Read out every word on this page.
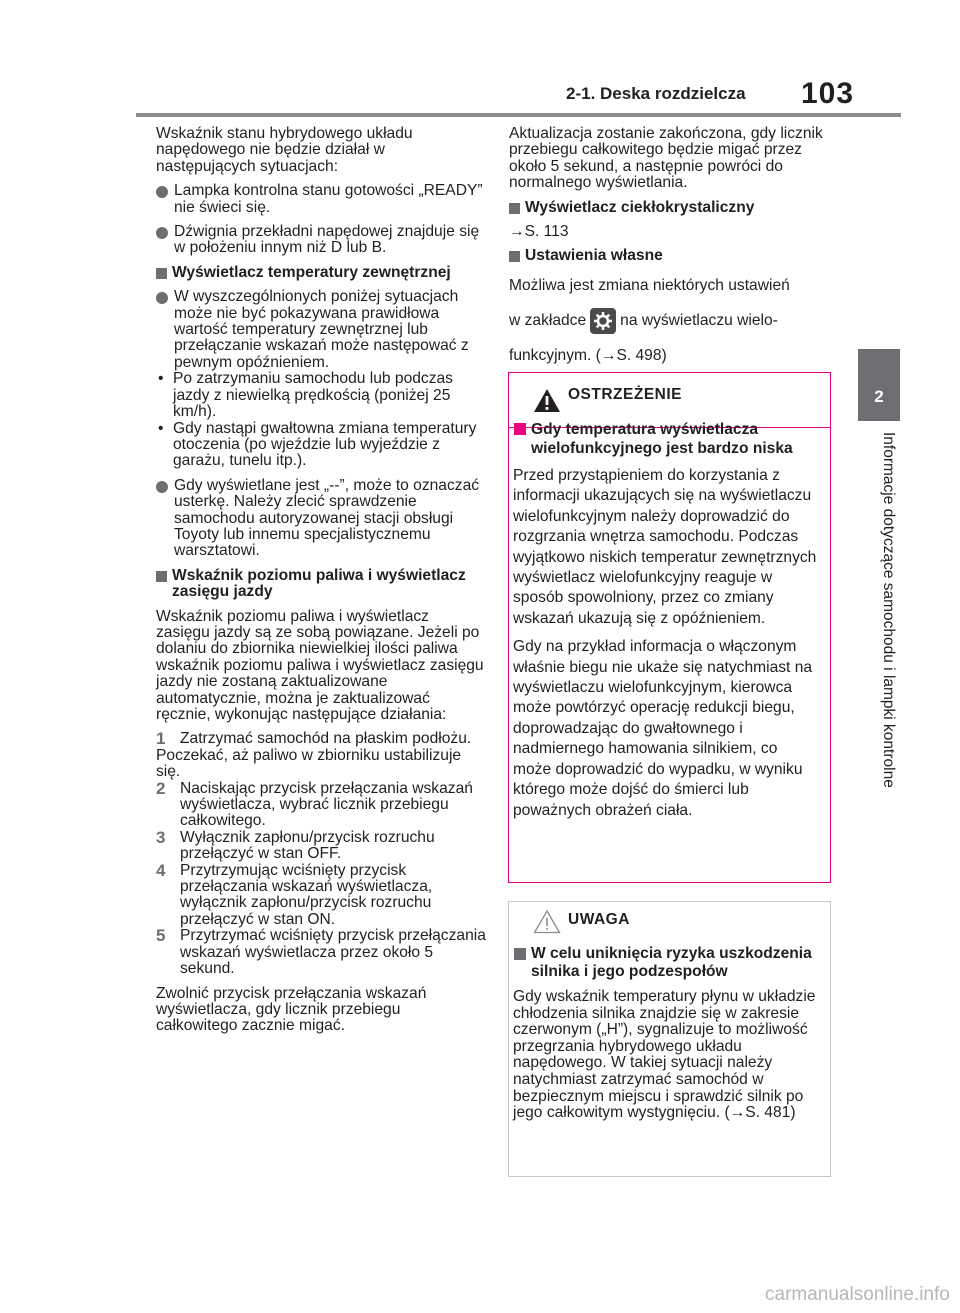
2-1. Deska rozdzielcza 103
2
Informacje dotyczące samochodu i lampki kontrolne

Wskaźnik stanu hybrydowego układu napędowego nie będzie działał w następujących sytuacjach:

Lampka kontrolna stanu gotowości „READY” nie świeci się.
Dźwignia przekładni napędowej znajduje się w położeniu innym niż D lub B.
Wyświetlacz temperatury zewnętrznej
W wyszczególnionych poniżej sytuacjach może nie być pokazywana prawidłowa wartość temperatury zewnętrznej lub przełączanie wskazań może następować z pewnym opóźnieniem.
• Po zatrzymaniu samochodu lub podczas jazdy z niewielką prędkością (poniżej 25 km/h).
• Gdy nastąpi gwałtowna zmiana temperatury otoczenia (po wjeździe lub wyjeździe z garażu, tunelu itp.).
Gdy wyświetlane jest „--”, może to oznaczać usterkę. Należy zlecić sprawdzenie samochodu autoryzowanej stacji obsługi Toyoty lub innemu specjalistycznemu warsztatowi.
Wskaźnik poziomu paliwa i wyświetlacz zasięgu jazdy

Wskaźnik poziomu paliwa i wyświetlacz zasięgu jazdy są ze sobą powiązane. Jeżeli po dolaniu do zbiornika niewielkiej ilości paliwa wskaźnik poziomu paliwa i wyświetlacz zasięgu jazdy nie zostaną zaktualizowane automatycznie, można je zaktualizować ręcznie, wykonując następujące działania:

1 Zatrzymać samochód na płaskim podłożu.

Poczekać, aż paliwo w zbiorniku ustabilizuje się.

2 Naciskając przycisk przełączania wskazań wyświetlacza, wybrać licznik przebiegu całkowitego.
3 Wyłącznik zapłonu/przycisk rozruchu przełączyć w stan OFF.
4 Przytrzymując wciśnięty przycisk przełączania wskazań wyświetlacza, wyłącznik zapłonu/przycisk rozruchu przełączyć w stan ON.
5 Przytrzymać wciśnięty przycisk przełączania wskazań wyświetlacza przez około 5 sekund.

Zwolnić przycisk przełączania wskazań wyświetlacza, gdy licznik przebiegu całkowitego zacznie migać.

Aktualizacja zostanie zakończona, gdy licznik przebiegu całkowitego będzie migać przez około 5 sekund, a następnie powróci do normalnego wyświetlania.

Wyświetlacz ciekłokrystaliczny

→S. 113

Ustawienia własne
Możliwa jest zmiana niektórych ustawień
w zakładce na wyświetlaczu wielo-
funkcyjnym. (→S. 498)
OSTRZEŻENIE
Gdy temperatura wyświetlacza wielofunkcyjnego jest bardzo niska

Przed przystąpieniem do korzystania z informacji ukazujących się na wyświetlaczu wielofunkcyjnym należy doprowadzić do rozgrzania wnętrza samochodu. Podczas wyjątkowo niskich temperatur zewnętrznych wyświetlacz wielofunkcyjny reaguje w sposób spowolniony, przez co zmiany wskazań ukazują się z opóźnieniem.

Gdy na przykład informacja o włączonym właśnie biegu nie ukaże się natychmiast na wyświetlaczu wielofunkcyjnym, kierowca może powtórzyć operację redukcji biegu, doprowadzając do gwałtownego i nadmiernego hamowania silnikiem, co może doprowadzić do wypadku, w wyniku którego może dojść do śmierci lub poważnych obrażeń ciała.

UWAGA
W celu uniknięcia ryzyka uszkodzenia silnika i jego podzespołów

Gdy wskaźnik temperatury płynu w układzie chłodzenia silnika znajdzie się w zakresie czerwonym („H”), sygnalizuje to możliwość przegrzania hybrydowego układu napędowego. W takiej sytuacji należy natychmiast zatrzymać samochód w bezpiecznym miejscu i sprawdzić silnik po jego całkowitym wystygnięciu. (→S. 481)

carmanualsonline.info
